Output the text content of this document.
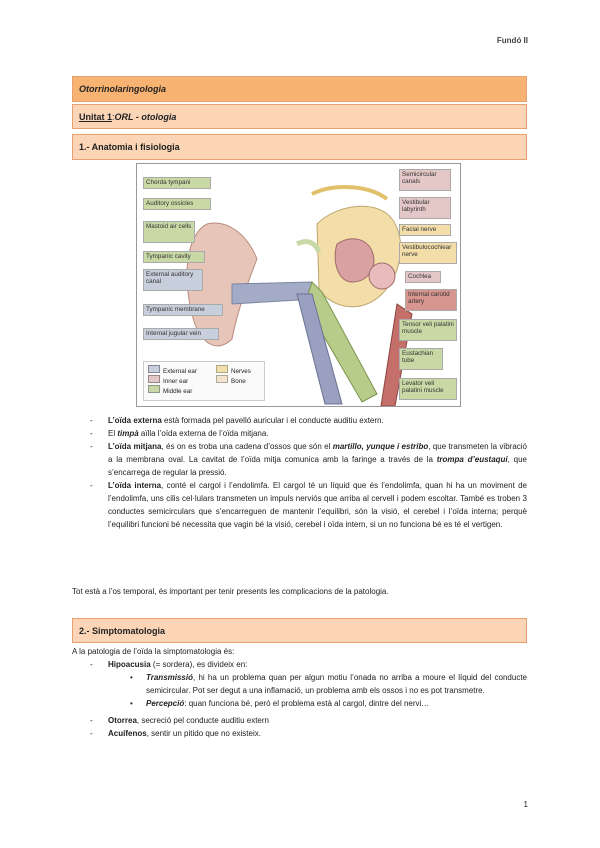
Fundó II
Otorrinolaringologia
Unitat 1 : ORL - otologia
1.- Anatomia i fisiologia
Chorda tympani
Auditory ossicles
Mastoid air cells
Tympanic cavity
External auditory canal
Tympanic membrane
Internal jugular vein
Semicircular canals
Vestibular labyrinth
Facial nerve
Vestibulocochlear nerve
Cochlea
Internal carotid artery
Tensor veli palatini muscle
Eustachian tube
Levator veli palatini muscle
External ear
Inner ear
Middle ear
Nerves
Bone
- L’oïda externa està formada pel pavelló auricular i el conducte auditiu extern.
- El timpà aïlla l’oïda externa de l’oïda mitjana.
- L’oïda mitjana, és on es troba una cadena d’ossos que són el martillo, yunque i estribo, que transmeten la vibració a la membrana oval. La cavitat de l’oïda mitja comunica amb la faringe a través de la trompa d’eustaqui, que s’encarrega de regular la pressió.
- L’oïda interna, conté el cargol i l’endolimfa. El cargol té un líquid que és l’endolimfa, quan hi ha un moviment de l’endolimfa, uns cilis cel·lulars transmeten un impuls nerviós que arriba al cervell i podem escoltar. També es troben 3 conductes semicirculars que s’encarreguen de mantenir l’equilibri, són la visió, el cerebel i l’oïda interna; perquè l’equilibri funcioni bé necessita que vagin bé la visió, cerebel i oïda intern, si un no funciona bé es té el vertigen.
Tot està a l’os temporal, és important per tenir presents les complicacions de la patologia.
2.- Simptomatologia
A la patologia de l’oïda la simptomatologia és:
- Hipoacusia (= sordera), es divideix en:
• Transmissió, hi ha un problema quan per algun motiu l’onada no arriba a moure el líquid del conducte semicircular. Pot ser degut a una inflamació, un problema amb els ossos i no es pot transmetre.
• Percepció: quan funciona bé, però el problema està al cargol, dintre del nervi…
- Otorrea, secreció pel conducte auditiu extern
- Acuífenos, sentir un pitido que no existeix.
1
